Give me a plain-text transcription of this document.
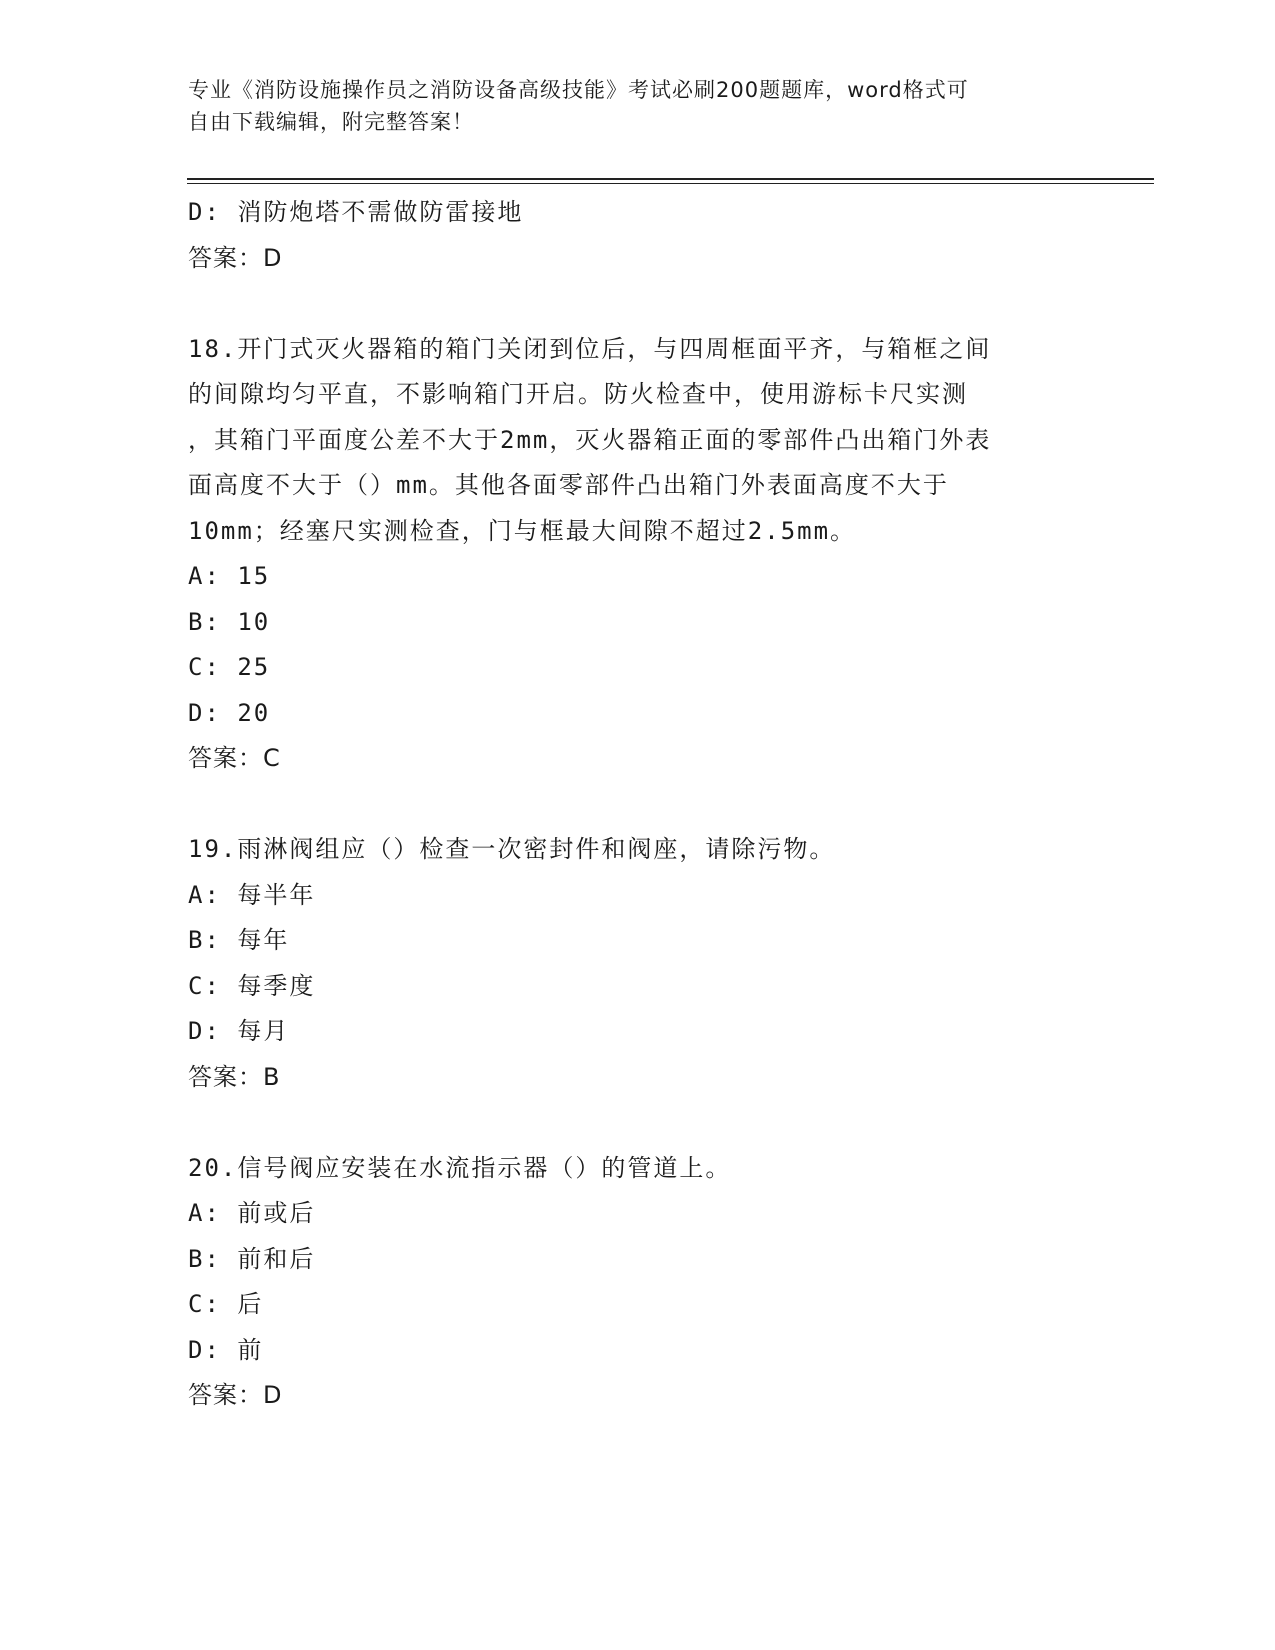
专业《消防设施操作员之消防设备高级技能》考试必刷200题题库，word格式可
自由下载编辑，附完整答案！
D: 消防炮塔不需做防雷接地
答案：D
18.开门式灭火器箱的箱门关闭到位后，与四周框面平齐，与箱框之间
的间隙均匀平直，不影响箱门开启。防火检查中，使用游标卡尺实测
，其箱门平面度公差不大于2mm，灭火器箱正面的零部件凸出箱门外表
面高度不大于（）mm。其他各面零部件凸出箱门外表面高度不大于
10mm；经塞尺实测检查，门与框最大间隙不超过2.5mm。
A: 15
B: 10
C: 25
D: 20
答案：C
19.雨淋阀组应（）检查一次密封件和阀座，请除污物。
A: 每半年
B: 每年
C: 每季度
D: 每月
答案：B
20.信号阀应安装在水流指示器（）的管道上。
A: 前或后
B: 前和后
C: 后
D: 前
答案：D
